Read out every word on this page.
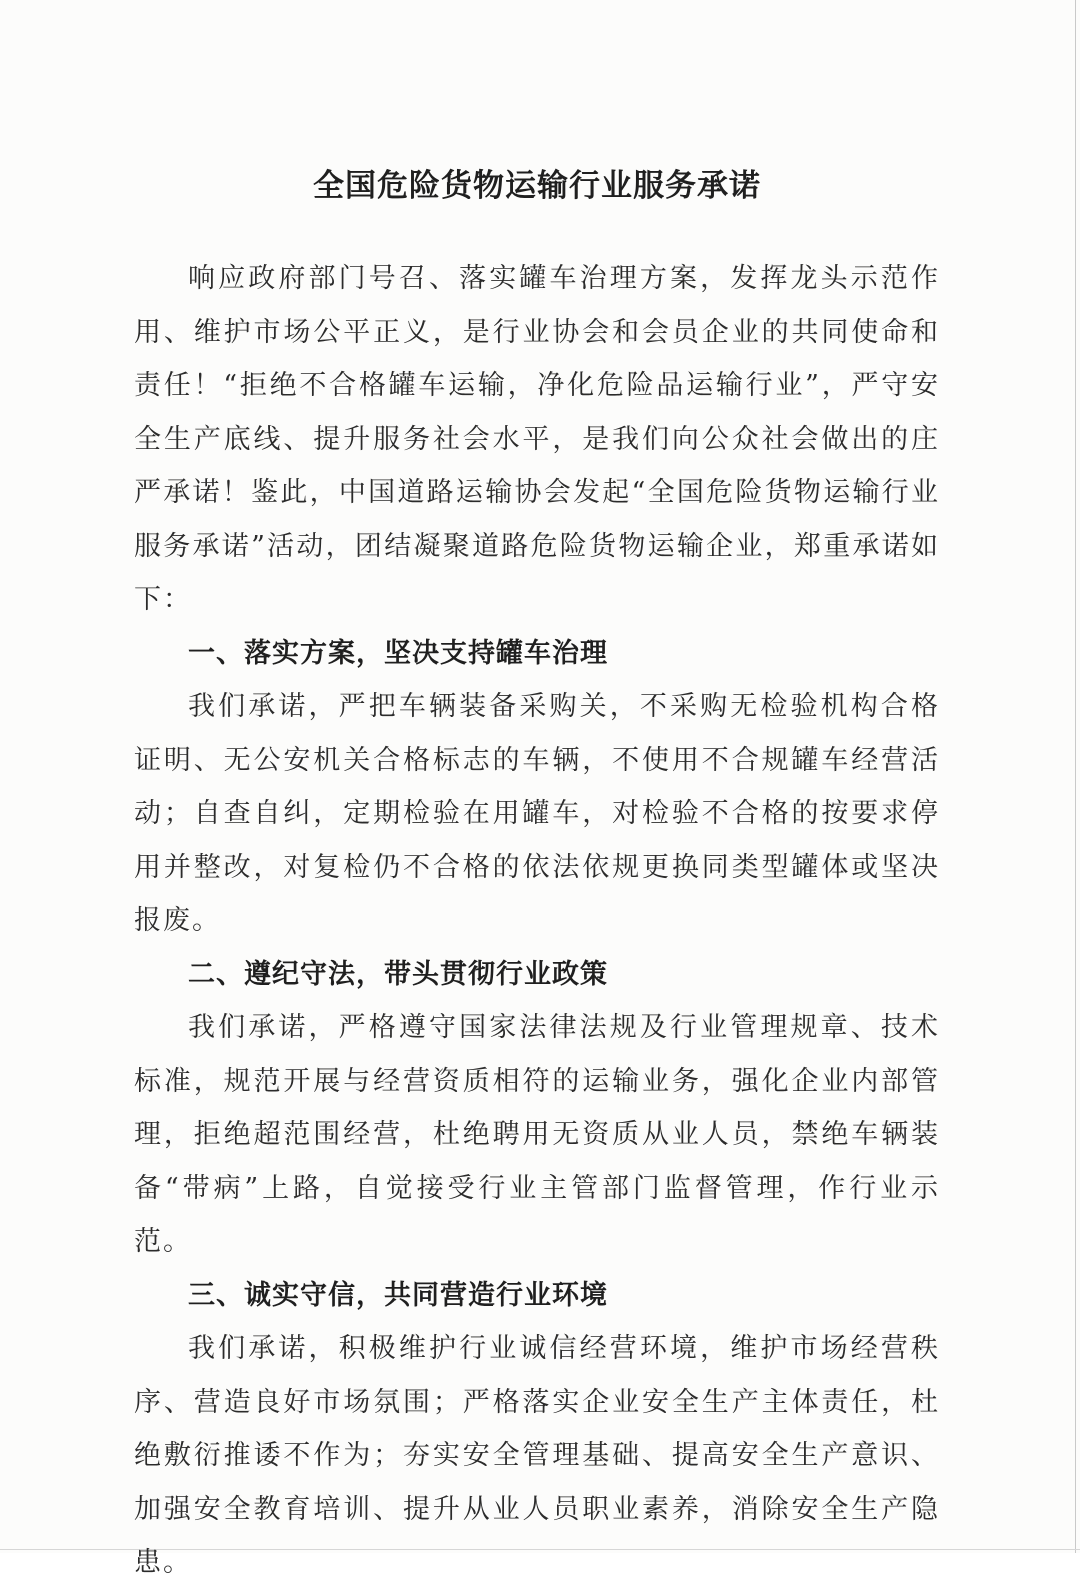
全国危险货物运输行业服务承诺

响应政府部门号召、落实罐车治理方案，发挥龙头示范作用、维护市场公平正义，是行业协会和会员企业的共同使命和责任！“拒绝不合格罐车运输，净化危险品运输行业”，严守安全生产底线、提升服务社会水平，是我们向公众社会做出的庄严承诺！鉴此，中国道路运输协会发起“全国危险货物运输行业服务承诺”活动，团结凝聚道路危险货物运输企业，郑重承诺如下：

一、落实方案，坚决支持罐车治理

我们承诺，严把车辆装备采购关，不采购无检验机构合格证明、无公安机关合格标志的车辆，不使用不合规罐车经营活动；自查自纠，定期检验在用罐车，对检验不合格的按要求停用并整改，对复检仍不合格的依法依规更换同类型罐体或坚决报废。

二、遵纪守法，带头贯彻行业政策

我们承诺，严格遵守国家法律法规及行业管理规章、技术标准，规范开展与经营资质相符的运输业务，强化企业内部管理，拒绝超范围经营，杜绝聘用无资质从业人员，禁绝车辆装备“带病”上路，自觉接受行业主管部门监督管理，作行业示范。

三、诚实守信，共同营造行业环境

我们承诺，积极维护行业诚信经营环境，维护市场经营秩序、营造良好市场氛围；严格落实企业安全生产主体责任，杜绝敷衍推诿不作为；夯实安全管理基础、提高安全生产意识、加强安全教育培训、提升从业人员职业素养，消除安全生产隐患。
